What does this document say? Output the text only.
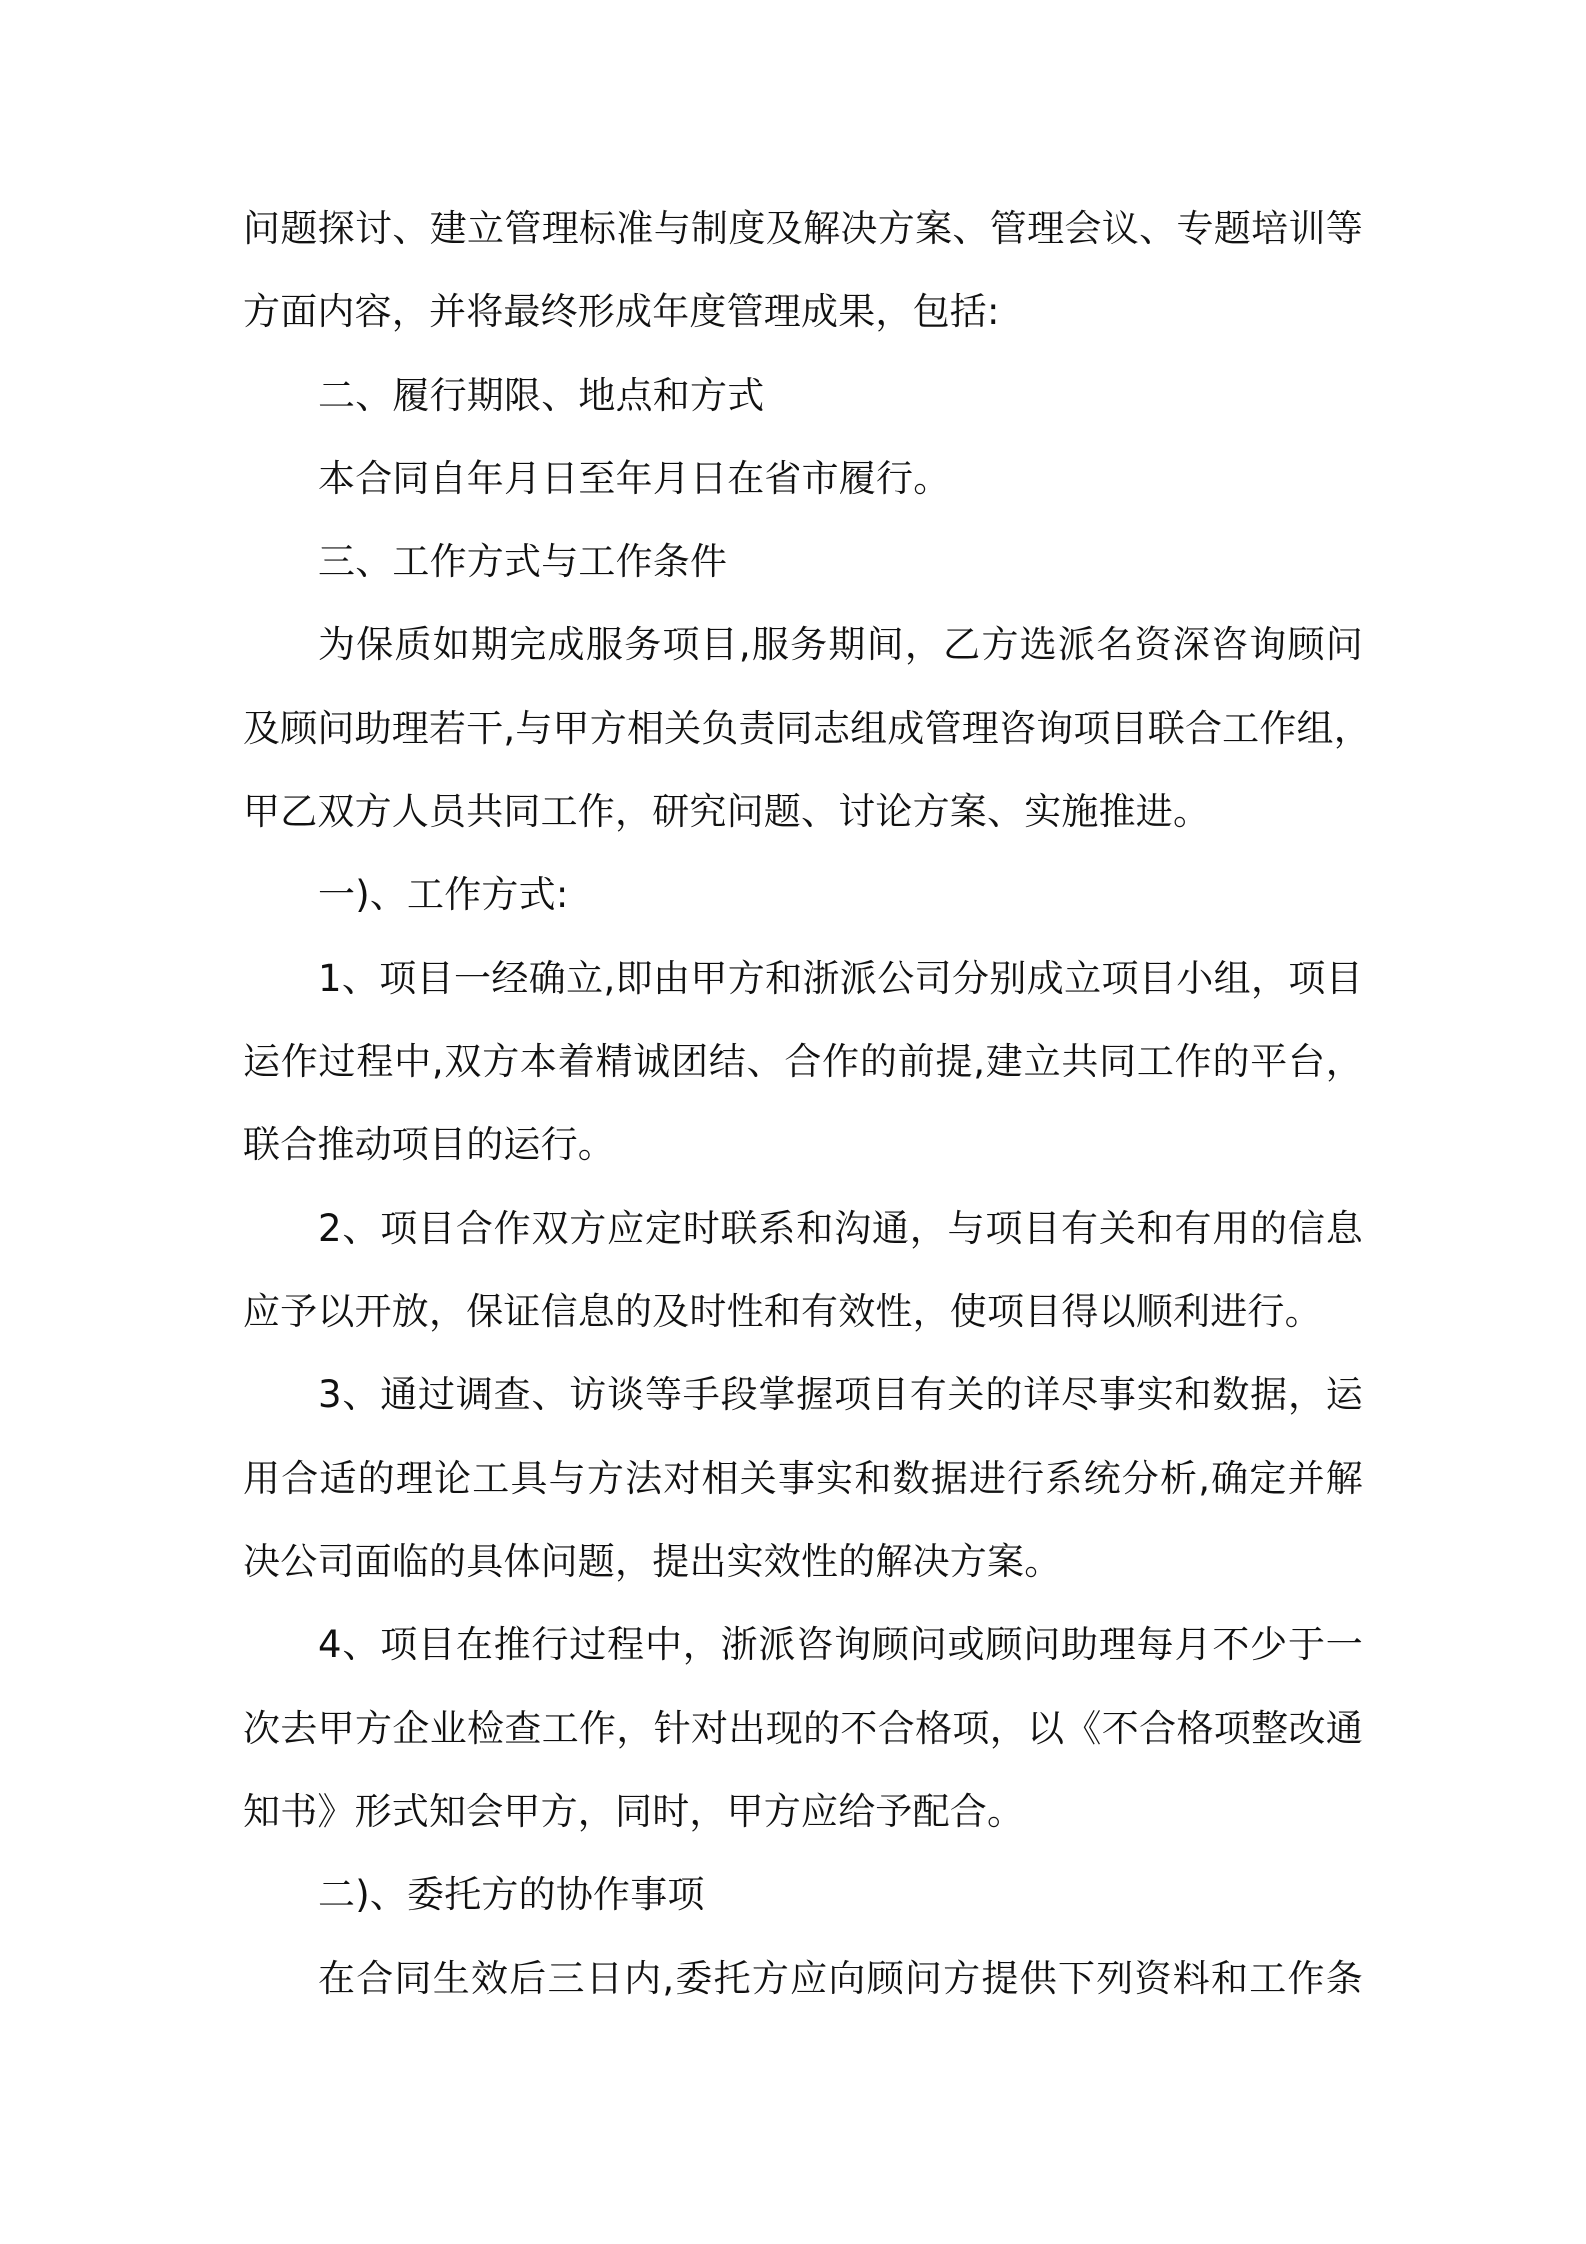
问题探讨、建立管理标准与制度及解决方案、管理会议、专题培训等
方面内容，并将最终形成年度管理成果，包括:
二、履行期限、地点和方式
本合同自年月日至年月日在省市履行。
三、工作方式与工作条件
为保质如期完成服务项目,服务期间，乙方选派名资深咨询顾问
及顾问助理若干,与甲方相关负责同志组成管理咨询项目联合工作组，
甲乙双方人员共同工作，研究问题、讨论方案、实施推进。
一)、工作方式:
1、项目一经确立,即由甲方和浙派公司分别成立项目小组，项目
运作过程中,双方本着精诚团结、合作的前提,建立共同工作的平台，
联合推动项目的运行。
2、项目合作双方应定时联系和沟通，与项目有关和有用的信息
应予以开放，保证信息的及时性和有效性，使项目得以顺利进行。
3、通过调查、访谈等手段掌握项目有关的详尽事实和数据，运
用合适的理论工具与方法对相关事实和数据进行系统分析,确定并解
决公司面临的具体问题，提出实效性的解决方案。
4、项目在推行过程中，浙派咨询顾问或顾问助理每月不少于一
次去甲方企业检查工作，针对出现的不合格项，以《不合格项整改通
知书》形式知会甲方，同时，甲方应给予配合。
二)、委托方的协作事项
在合同生效后三日内,委托方应向顾问方提供下列资料和工作条
